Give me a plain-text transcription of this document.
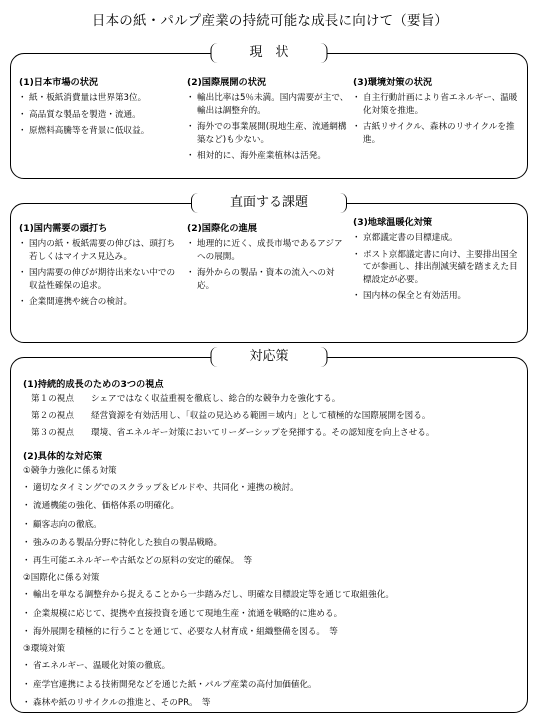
日本の紙・パルプ産業の持続可能な成長に向けて（要旨）
現　状
(1)日本市場の状況
・ 紙・板紙消費量は世界第3位。
・ 高品質な製品を製造・流通。
・ 原燃料高騰等を背景に低収益。
(2)国際展開の状況
・ 輸出比率は5％未満。国内需要が主で、輸出は調整弁的。
・ 海外での事業展開(現地生産、流通網構築など)も少ない。
・ 相対的に、海外産業植林は活発。
(3)環境対策の状況
・ 自主行動計画により省エネルギー、温暖化対策を推進。
・ 古紙リサイクル、森林のリサイクルを推進。
直面する課題
(1)国内需要の頭打ち
・ 国内の紙・板紙需要の伸びは、頭打ち若しくはマイナス見込み。
・ 国内需要の伸びが期待出来ない中での収益性確保の追求。
・ 企業間連携や統合の検討。
(2)国際化の進展
・ 地理的に近く、成長市場であるアジアへの展開。
・ 海外からの製品・資本の流入への対応。
(3)地球温暖化対策
・ 京都議定書の目標達成。
・ ポスト京都議定書に向け、主要排出国全てが参画し、排出削減実績を踏まえた目標設定が必要。
・ 国内林の保全と有効活用。
対応策
(1)持続的成長のための3つの視点
第１の視点 シェアではなく収益重視を徹底し、総合的な競争力を強化する。
第２の視点 経営資源を有効活用し、「収益の見込める範囲＝域内」として積極的な国際展開を図る。
第３の視点 環境、省エネルギー対策においてリーダーシップを発揮する。その認知度を向上させる。
(2)具体的な対応策
①競争力強化に係る対策
・ 適切なタイミングでのスクラップ＆ビルドや、共同化・連携の検討。
・ 流通機能の強化、価格体系の明確化。
・ 顧客志向の徹底。
・ 強みのある製品分野に特化した独自の製品戦略。
・ 再生可能エネルギーや古紙などの原料の安定的確保。　等
②国際化に係る対策
・ 輸出を単なる調整弁から捉えることから一歩踏みだし、明確な目標設定等を通じて取組強化。
・ 企業規模に応じて、提携や直接投資を通じて現地生産・流通を戦略的に進める。
・ 海外展開を積極的に行うことを通じて、必要な人材育成・組織整備を図る。　等
③環境対策
・ 省エネルギー、温暖化対策の徹底。
・ 産学官連携による技術開発などを通じた紙・パルプ産業の高付加価値化。
・ 森林や紙のリサイクルの推進と、そのPR。　等
